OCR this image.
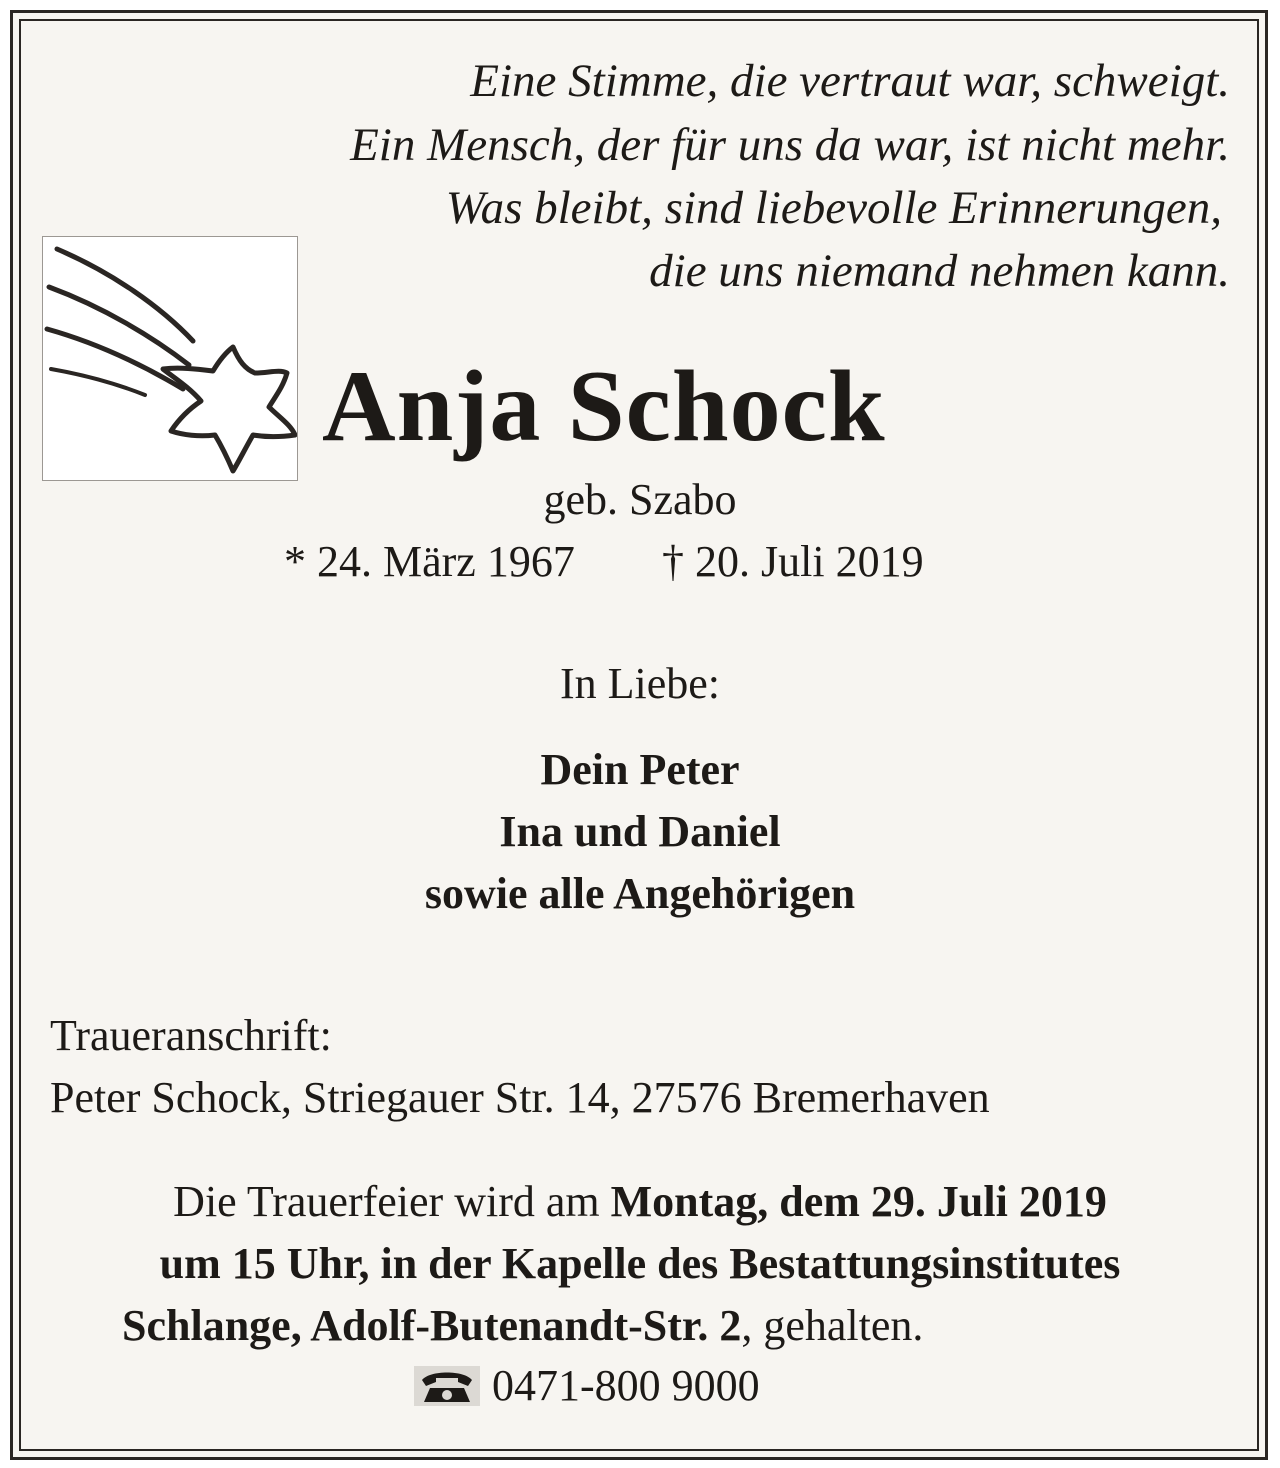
Eine Stimme, die vertraut war, schweigt.
Ein Mensch, der für uns da war, ist nicht mehr.
Was bleibt, sind liebevolle Erinnerungen,
die uns niemand nehmen kann.
Anja Schock
geb. Szabo
* 24. März 1967 † 20. Juli 2019
In Liebe:
Dein Peter
Ina und Daniel
sowie alle Angehörigen
Traueranschrift:
Peter Schock, Striegauer Str. 14, 27576 Bremerhaven
Die Trauerfeier wird am Montag, dem 29. Juli 2019
um 15 Uhr, in der Kapelle des Bestattungsinstitutes
Schlange, Adolf-Butenandt-Str. 2, gehalten.
0471-800 9000
